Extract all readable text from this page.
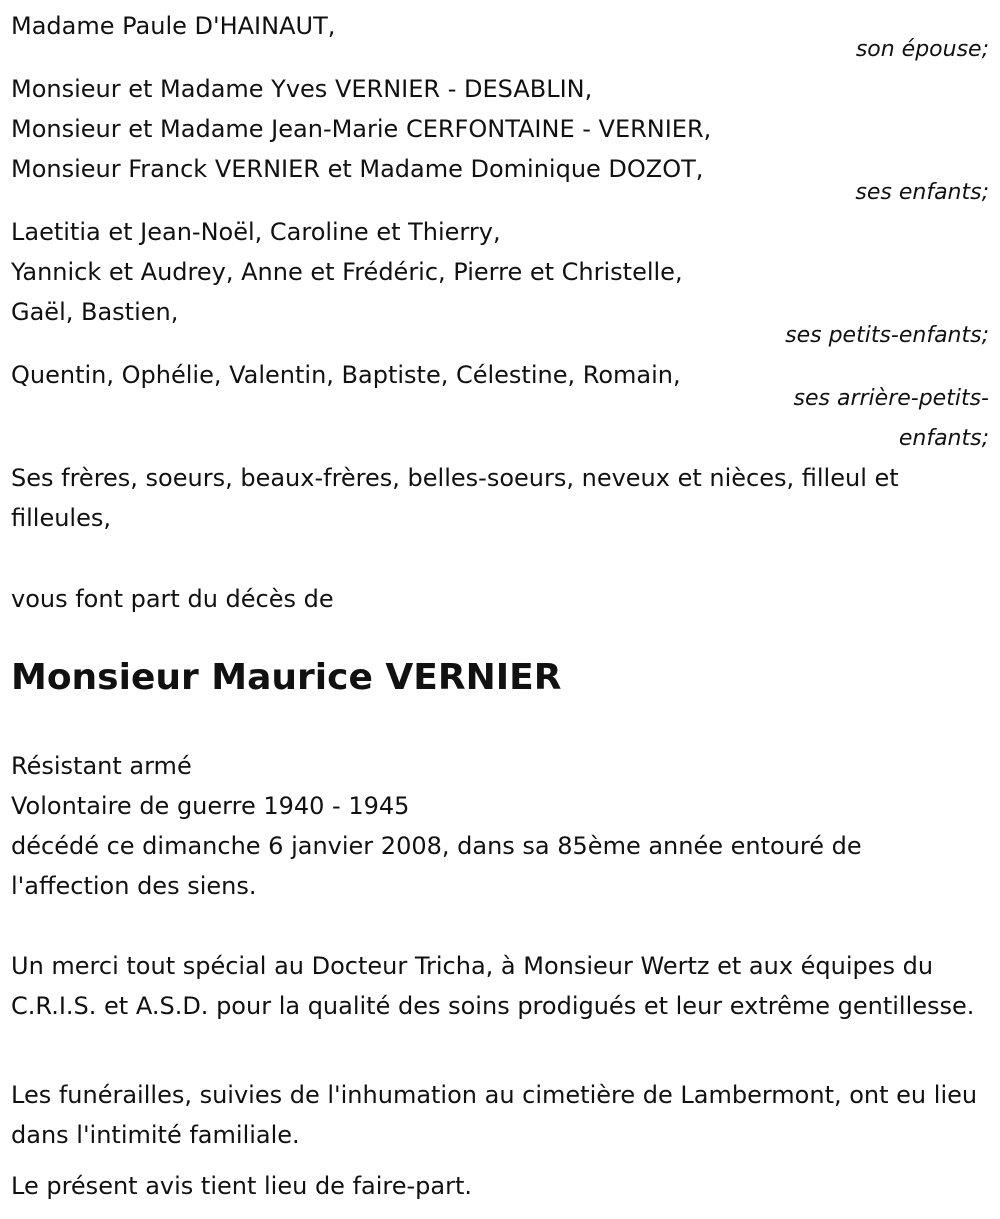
Madame Paule D'HAINAUT,

son épouse;

Monsieur et Madame Yves VERNIER - DESABLIN,

Monsieur et Madame Jean-Marie CERFONTAINE - VERNIER,

Monsieur Franck VERNIER et Madame Dominique DOZOT,

ses enfants;

Laetitia et Jean-Noël, Caroline et Thierry,

Yannick et Audrey, Anne et Frédéric, Pierre et Christelle,

Gaël, Bastien,

ses petits-enfants;

Quentin, Ophélie, Valentin, Baptiste, Célestine, Romain,

ses arrière-petits-

enfants;

Ses frères, soeurs, beaux-frères, belles-soeurs, neveux et nièces, filleul et filleules,

vous font part du décès de

Monsieur Maurice VERNIER

Résistant armé

Volontaire de guerre 1940 - 1945

décédé ce dimanche 6 janvier 2008, dans sa 85ème année entouré de l'affection des siens.

Un merci tout spécial au Docteur Tricha, à Monsieur Wertz et aux équipes du C.R.I.S. et A.S.D. pour la qualité des soins prodigués et leur extrême gentillesse.

Les funérailles, suivies de l'inhumation au cimetière de Lambermont, ont eu lieu dans l'intimité familiale.

Le présent avis tient lieu de faire-part.
